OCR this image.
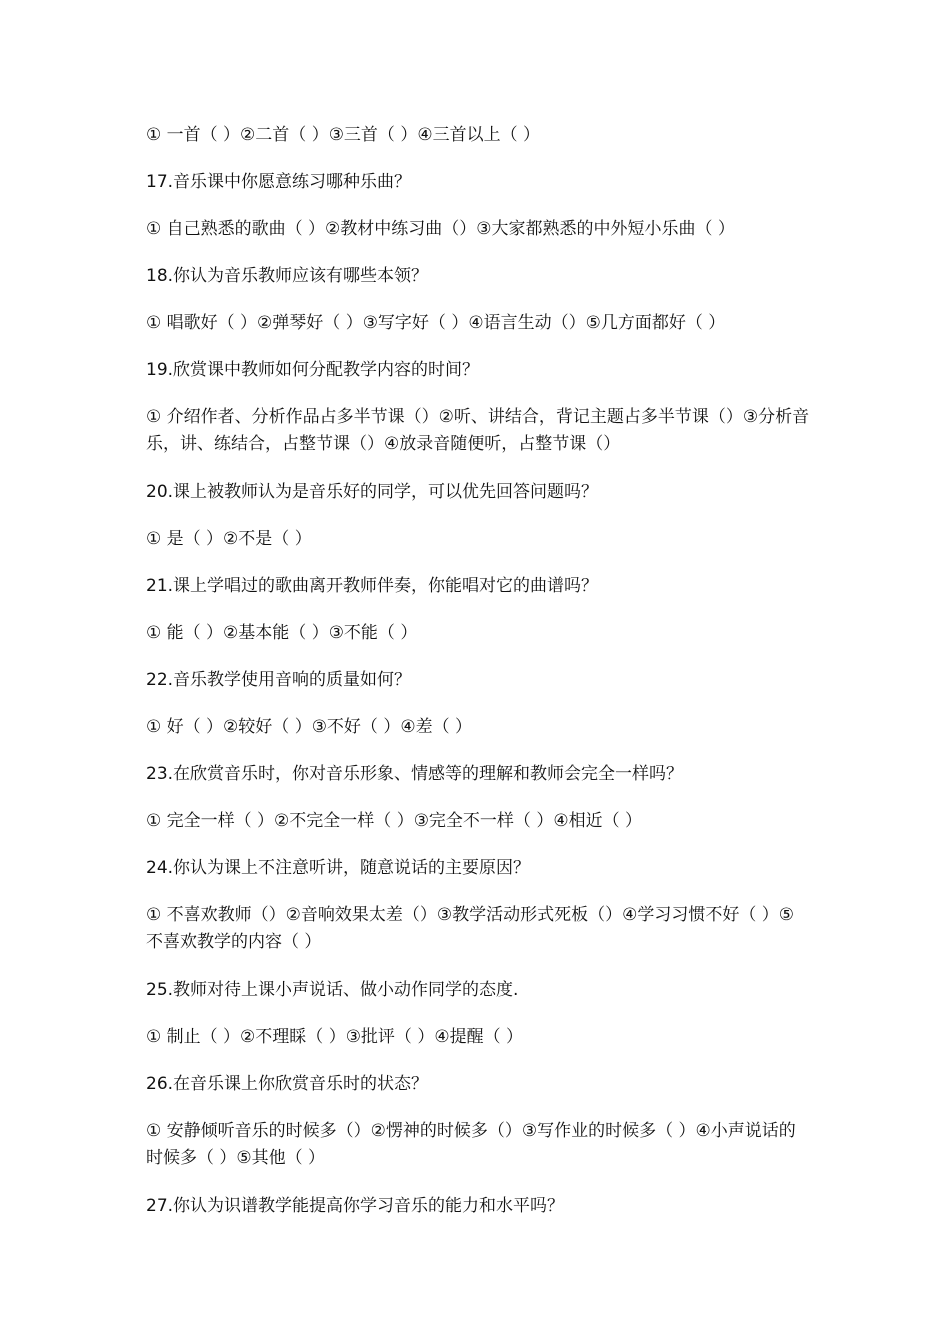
① 一首（ ）②二首（ ）③三首（ ）④三首以上（ ）

17.音乐课中你愿意练习哪种乐曲？

① 自己熟悉的歌曲（ ）②教材中练习曲（）③大家都熟悉的中外短小乐曲（ ）

18.你认为音乐教师应该有哪些本领？

① 唱歌好（ ）②弹琴好（ ）③写字好（ ）④语言生动（）⑤几方面都好（ ）

19.欣赏课中教师如何分配教学内容的时间？

① 介绍作者、分析作品占多半节课（）②听、讲结合，背记主题占多半节课（）③分析音乐，讲、练结合，占整节课（）④放录音随便听，占整节课（）

20.课上被教师认为是音乐好的同学，可以优先回答问题吗？

① 是（ ）②不是（ ）

21.课上学唱过的歌曲离开教师伴奏，你能唱对它的曲谱吗？

① 能（ ）②基本能（ ）③不能（ ）

22.音乐教学使用音响的质量如何？

① 好（ ）②较好（ ）③不好（ ）④差（ ）

23.在欣赏音乐时，你对音乐形象、情感等的理解和教师会完全一样吗？

① 完全一样（ ）②不完全一样（ ）③完全不一样（ ）④相近（ ）

24.你认为课上不注意听讲，随意说话的主要原因？

① 不喜欢教师（）②音响效果太差（）③教学活动形式死板（）④学习习惯不好（ ）⑤不喜欢教学的内容（ ）

25.教师对待上课小声说话、做小动作同学的态度.

① 制止（ ）②不理睬（ ）③批评（ ）④提醒（ ）

26.在音乐课上你欣赏音乐时的状态？

① 安静倾听音乐的时候多（）②愣神的时候多（）③写作业的时候多（ ）④小声说话的时候多（ ）⑤其他（ ）

27.你认为识谱教学能提高你学习音乐的能力和水平吗？
